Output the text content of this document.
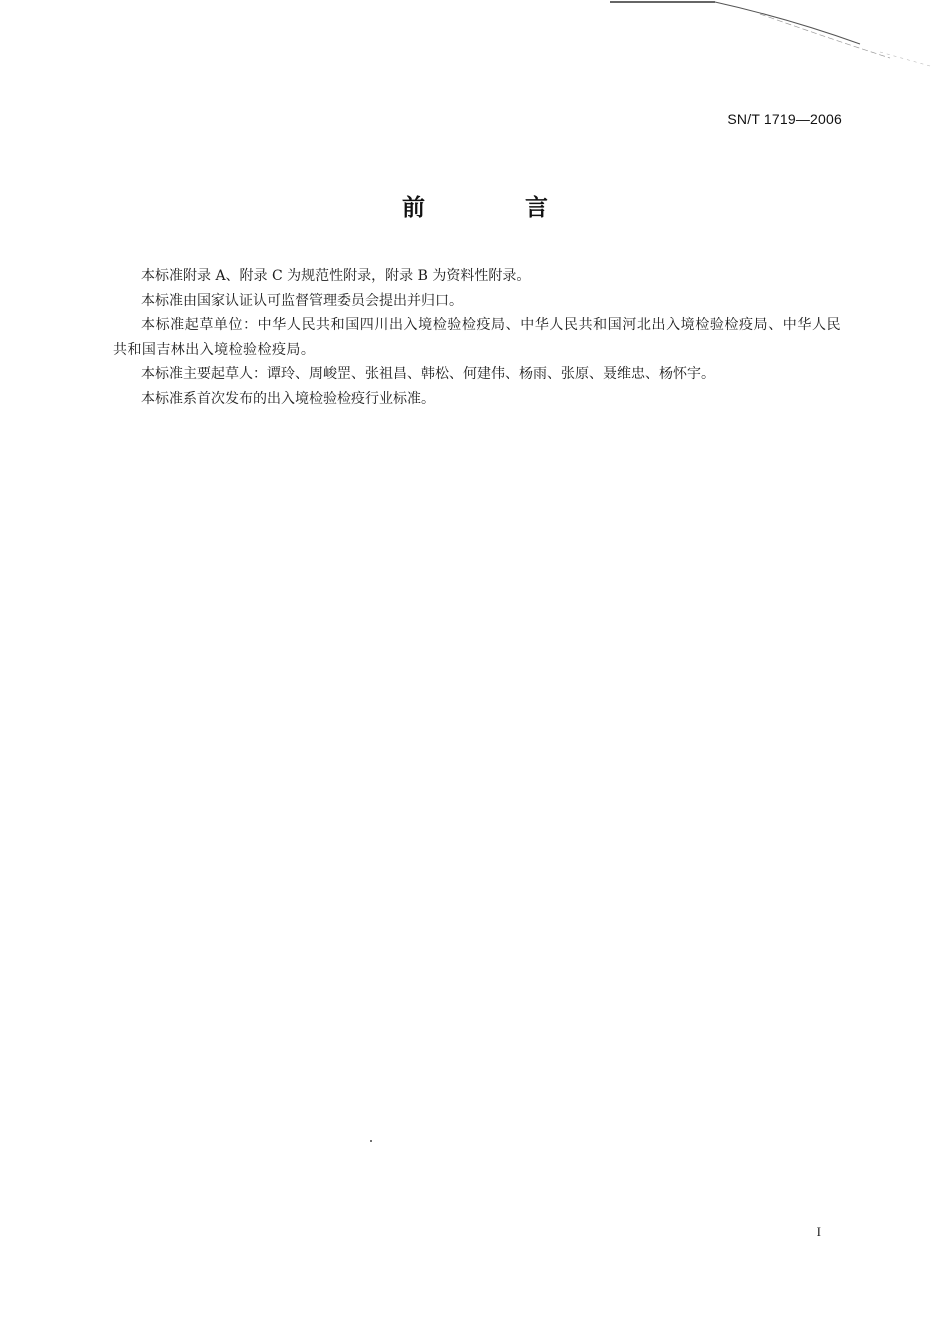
SN/T 1719—2006
前 言

本标准附录 A、附录 C 为规范性附录，附录 B 为资料性附录。

本标准由国家认证认可监督管理委员会提出并归口。

本标准起草单位：中华人民共和国四川出入境检验检疫局、中华人民共和国河北出入境检验检疫局、中华人民共和国吉林出入境检验检疫局。

本标准主要起草人：谭玲、周峻罡、张祖昌、韩松、何建伟、杨雨、张原、聂维忠、杨怀宇。

本标准系首次发布的出入境检验检疫行业标准。

I
